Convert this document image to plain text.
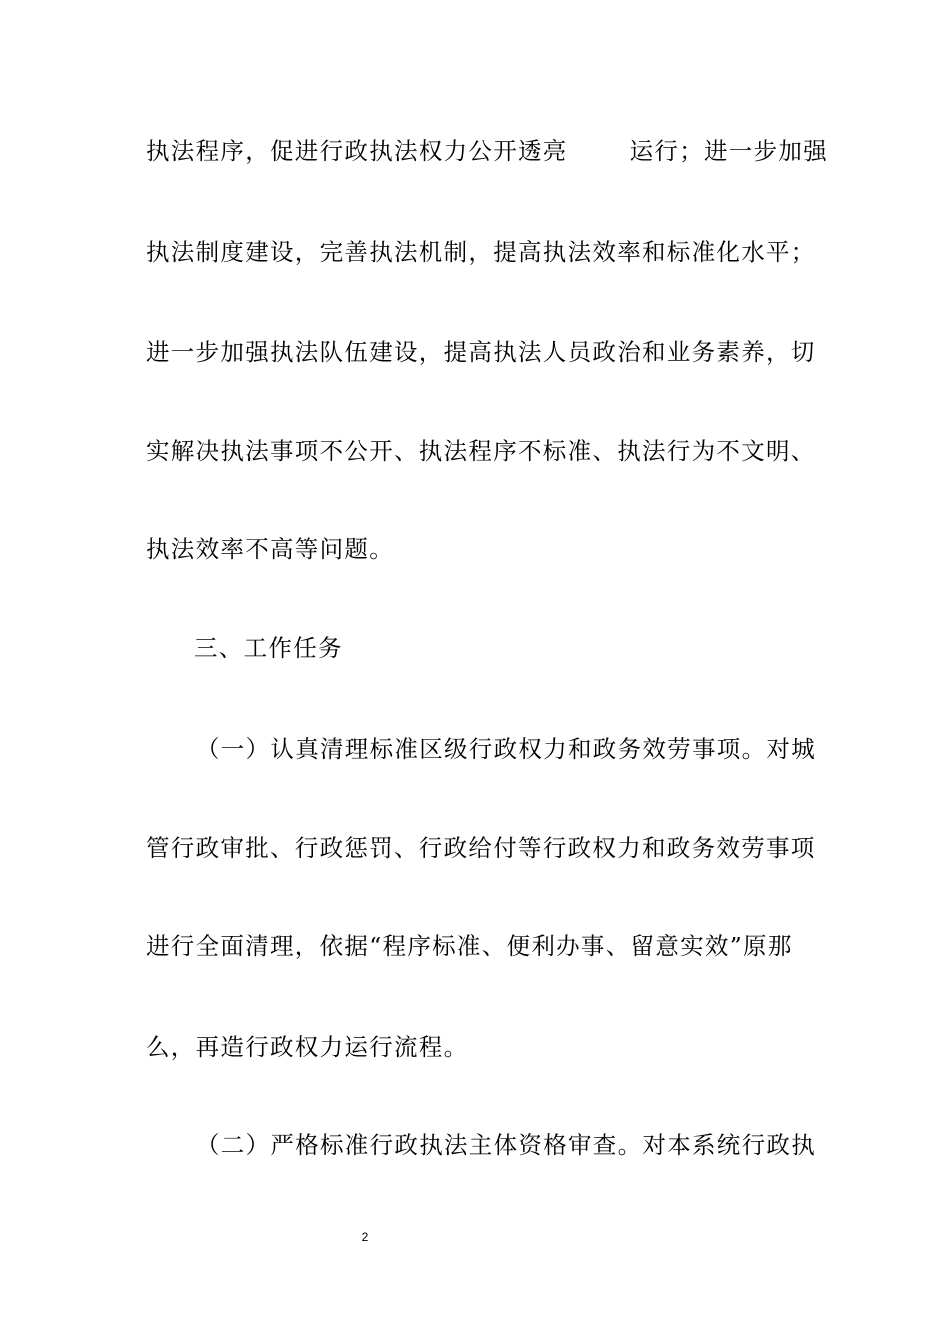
执法程序，促进行政执法权力公开透亮	运行；进一步加强
执法制度建设，完善执法机制，提高执法效率和标准化水平；
进一步加强执法队伍建设，提高执法人员政治和业务素养，切
实解决执法事项不公开、执法程序不标准、执法行为不文明、
执法效率不高等问题。
三、工作任务
（一）认真清理标准区级行政权力和政务效劳事项。对城
管行政审批、行政惩罚、行政给付等行政权力和政务效劳事项
进行全面清理，依据“程序标准、便利办事、留意实效”原那
么，再造行政权力运行流程。
（二）严格标准行政执法主体资格审查。对本系统行政执
2
